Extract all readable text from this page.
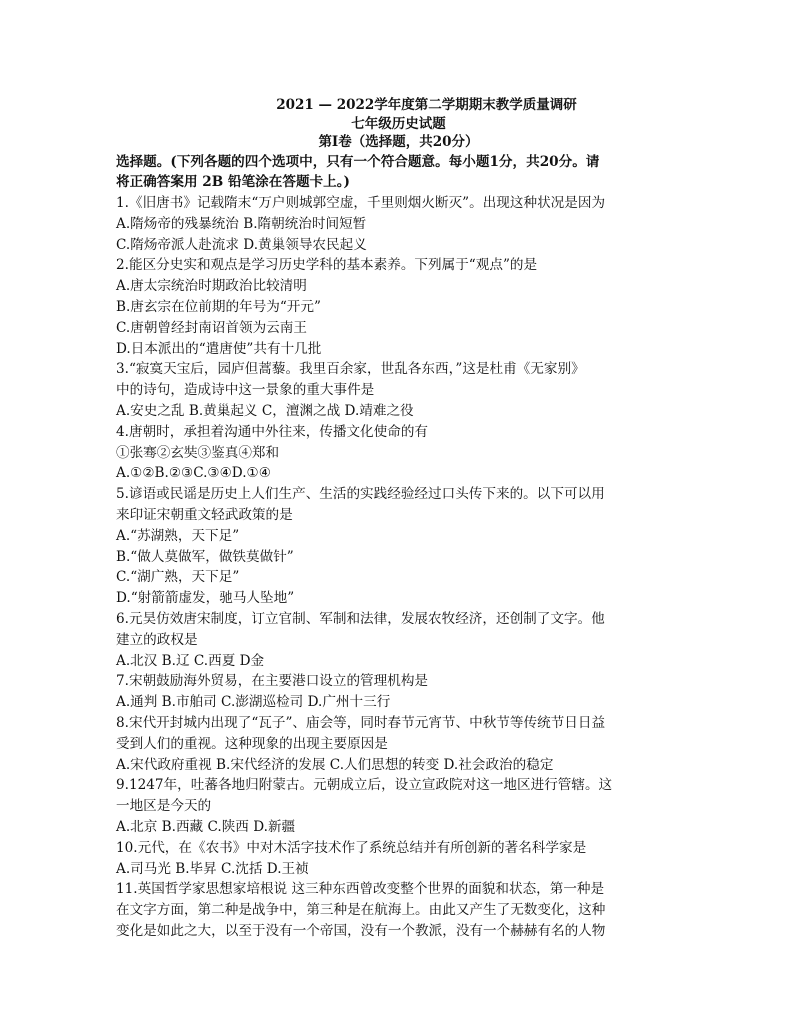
2021 — 2022学年度第二学期期末教学质量调研

七年级历史试题

第Ⅰ卷（选择题，共20分）

选择题。(下列各题的四个选项中，只有一个符合题意。每小题1分，共20分。请

将正确答案用 2B 铅笔涂在答题卡上。)

1.《旧唐书》记载隋末“万户则城郭空虚，千里则烟火断灭”。出现这种状况是因为

A.隋炀帝的残暴统治 B.隋朝统治时间短暂

C.隋炀帝派人赴流求 D.黄巢领导农民起义

2.能区分史实和观点是学习历史学科的基本素养。下列属于“观点”的是

A.唐太宗统治时期政治比较清明

B.唐玄宗在位前期的年号为“开元”

C.唐朝曾经封南诏首领为云南王

D.日本派出的“遣唐使”共有十几批

3.“寂寞天宝后，园庐但蒿藜。我里百余家，世乱各东西，”这是杜甫《无家别》

中的诗句，造成诗中这一景象的重大事件是

A.安史之乱 B.黄巢起义 C，澶渊之战 D.靖难之役

4.唐朝时，承担着沟通中外往来，传播文化使命的有

①张骞②玄奘③鉴真④郑和

A.①②B.②③C.③④D.①④

5.谚语或民谣是历史上人们生产、生活的实践经验经过口头传下来的。以下可以用

来印证宋朝重文轻武政策的是

A.“苏湖熟，天下足”

B.“做人莫做军，做铁莫做针”

C.“湖广熟，天下足”

D.“射箭箭虚发，驰马人坠地”

6.元昊仿效唐宋制度，订立官制、军制和法律，发展农牧经济，还创制了文字。他

建立的政权是

A.北汉 B.辽 C.西夏 D金

7.宋朝鼓励海外贸易，在主要港口设立的管理机构是

A.通判 B.市舶司 C.澎湖巡检司 D.广州十三行

8.宋代开封城内出现了“瓦子”、庙会等，同时春节元宵节、中秋节等传统节日日益

受到人们的重视。这种现象的出现主要原因是

A.宋代政府重视 B.宋代经济的发展 C.人们思想的转变 D.社会政治的稳定

9.1247年，吐蕃各地归附蒙古。元朝成立后，设立宣政院对这一地区进行管辖。这

一地区是今天的

A.北京 B.西藏 C.陕西 D.新疆

10.元代，在《农书》中对木活字技术作了系统总结并有所创新的著名科学家是

A.司马光 B.毕昇 C.沈括 D.王祯

11.英国哲学家思想家培根说 这三种东西曾改变整个世界的面貌和状态，第一种是

在文字方面，第二种是战争中，第三种是在航海上。由此又产生了无数变化，这种

变化是如此之大，以至于没有一个帝国，没有一个教派，没有一个赫赫有名的人物
